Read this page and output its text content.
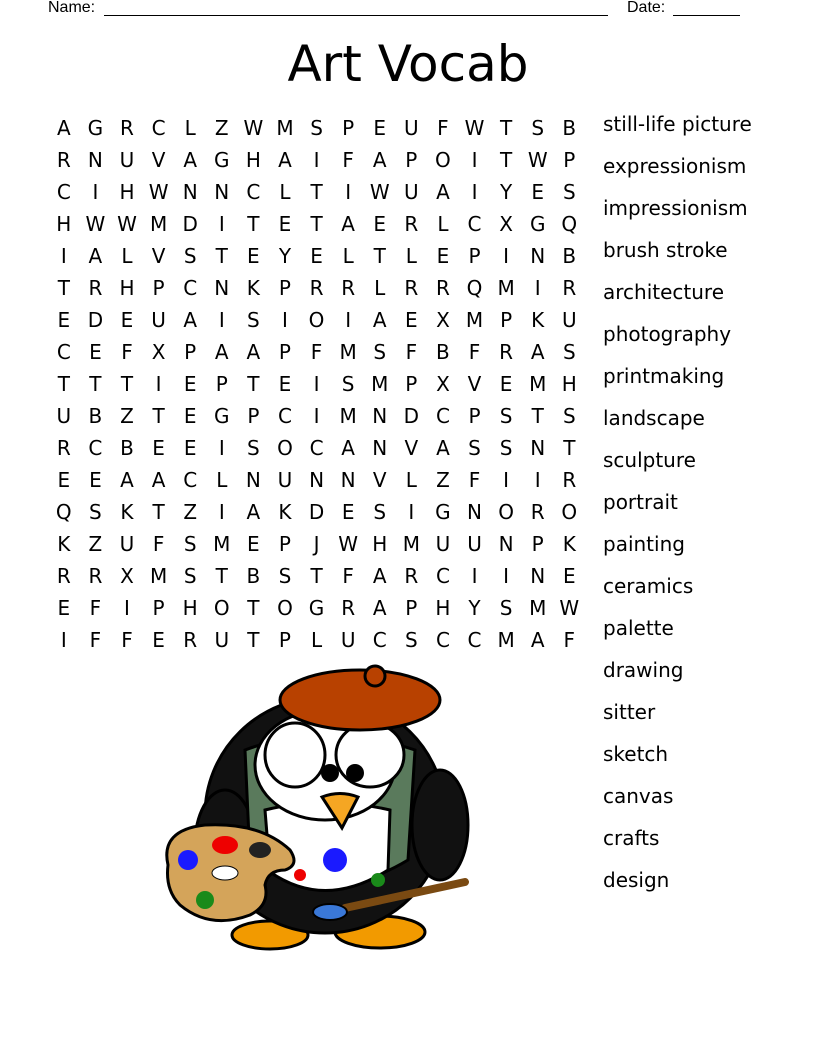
Name:	Date:
Art Vocab
A G R C L Z W M S P E U F W T S B
R N U V A G H A	I	F A P O	I	T W P
C	I	H W N N C L T	I W U A	I	Y E S
H W W M D	I	T E T A E R L C X G Q
I	A L V S T E Y E L T L E P	I	N B
T R H P C N K P R R L R R Q M	I	R
E D E U A	I	S	I	O	I	A E X M P K U
C E F X P A A P F M S F B F R A S
T T T	I	E P T E	I	S M P X V E M H
U B Z T E G P C	I	M N D C P S T S
R C B E E	I	S O C A N V A S S N T
E E A A C L N U N N V L Z F	I	I	R
Q S K T Z	I	A K D E S	I	G N O R O
K Z U F S M E P	J W H M U U N P K
R R X M S T B S T F A R C	I	I	N E
E F	I	P H O T O G R A P H Y S M W
I	F	F E R U T P L U C S C C M A F
still-life picture
expressionism
impressionism
brush stroke
architecture
photography
printmaking
landscape
sculpture
portrait
painting
ceramics
palette
drawing
sitter
sketch
canvas
crafts
design
